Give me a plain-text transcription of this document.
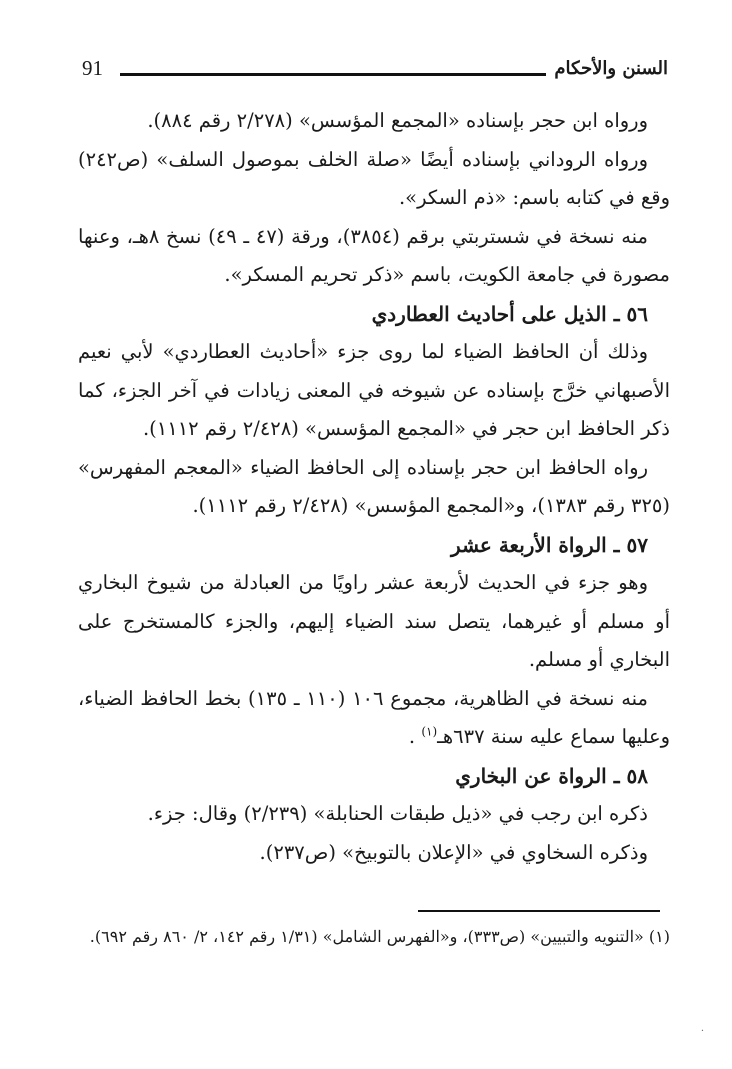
91	السنن والأحكام

ورواه ابن حجر بإسناده «المجمع المؤسس» (٢/٢٧٨ رقم ٨٨٤).

ورواه الروداني بإسناده أيضًا «صلة الخلف بموصول السلف» (ص٢٤٢) وقع في كتابه باسم: «ذم السكر».

منه نسخة في شستربتي برقم (٣٨٥٤)، ورقة (٤٧ ـ ٤٩) نسخ ٨هـ، وعنها مصورة في جامعة الكويت، باسم «ذكر تحريم المسكر».

٥٦ ـ الذيل على أحاديث العطاردي

وذلك أن الحافظ الضياء لما روى جزء «أحاديث العطاردي» لأبي نعيم الأصبهاني خرَّج بإسناده عن شيوخه في المعنى زيادات في آخر الجزء، كما ذكر الحافظ ابن حجر في «المجمع المؤسس» (٢/٤٢٨ رقم ١١١٢).

رواه الحافظ ابن حجر بإسناده إلى الحافظ الضياء «المعجم المفهرس» (٣٢٥ رقم ١٣٨٣)، و«المجمع المؤسس» (٢/٤٢٨ رقم ١١١٢).

٥٧ ـ الرواة الأربعة عشر

وهو جزء في الحديث لأربعة عشر راويًا من العبادلة من شيوخ البخاري أو مسلم أو غيرهما، يتصل سند الضياء إليهم، والجزء كالمستخرج على البخاري أو مسلم.

منه نسخة في الظاهرية، مجموع ١٠٦ (١١٠ ـ ١٣٥) بخط الحافظ الضياء، وعليها سماع عليه سنة ٦٣٧هـ$^{(١)}$ .

٥٨ ـ الرواة عن البخاري

ذكره ابن رجب في «ذيل طبقات الحنابلة» (٢/٢٣٩) وقال: جزء.

وذكره السخاوي في «الإعلان بالتوبيخ» (ص٢٣٧).

(١) «التنويه والتبيين» (ص٣٣٣)، و«الفهرس الشامل» (١/٣١ رقم ١٤٢، ٢/ ٨٦٠ رقم ٦٩٢).

·
